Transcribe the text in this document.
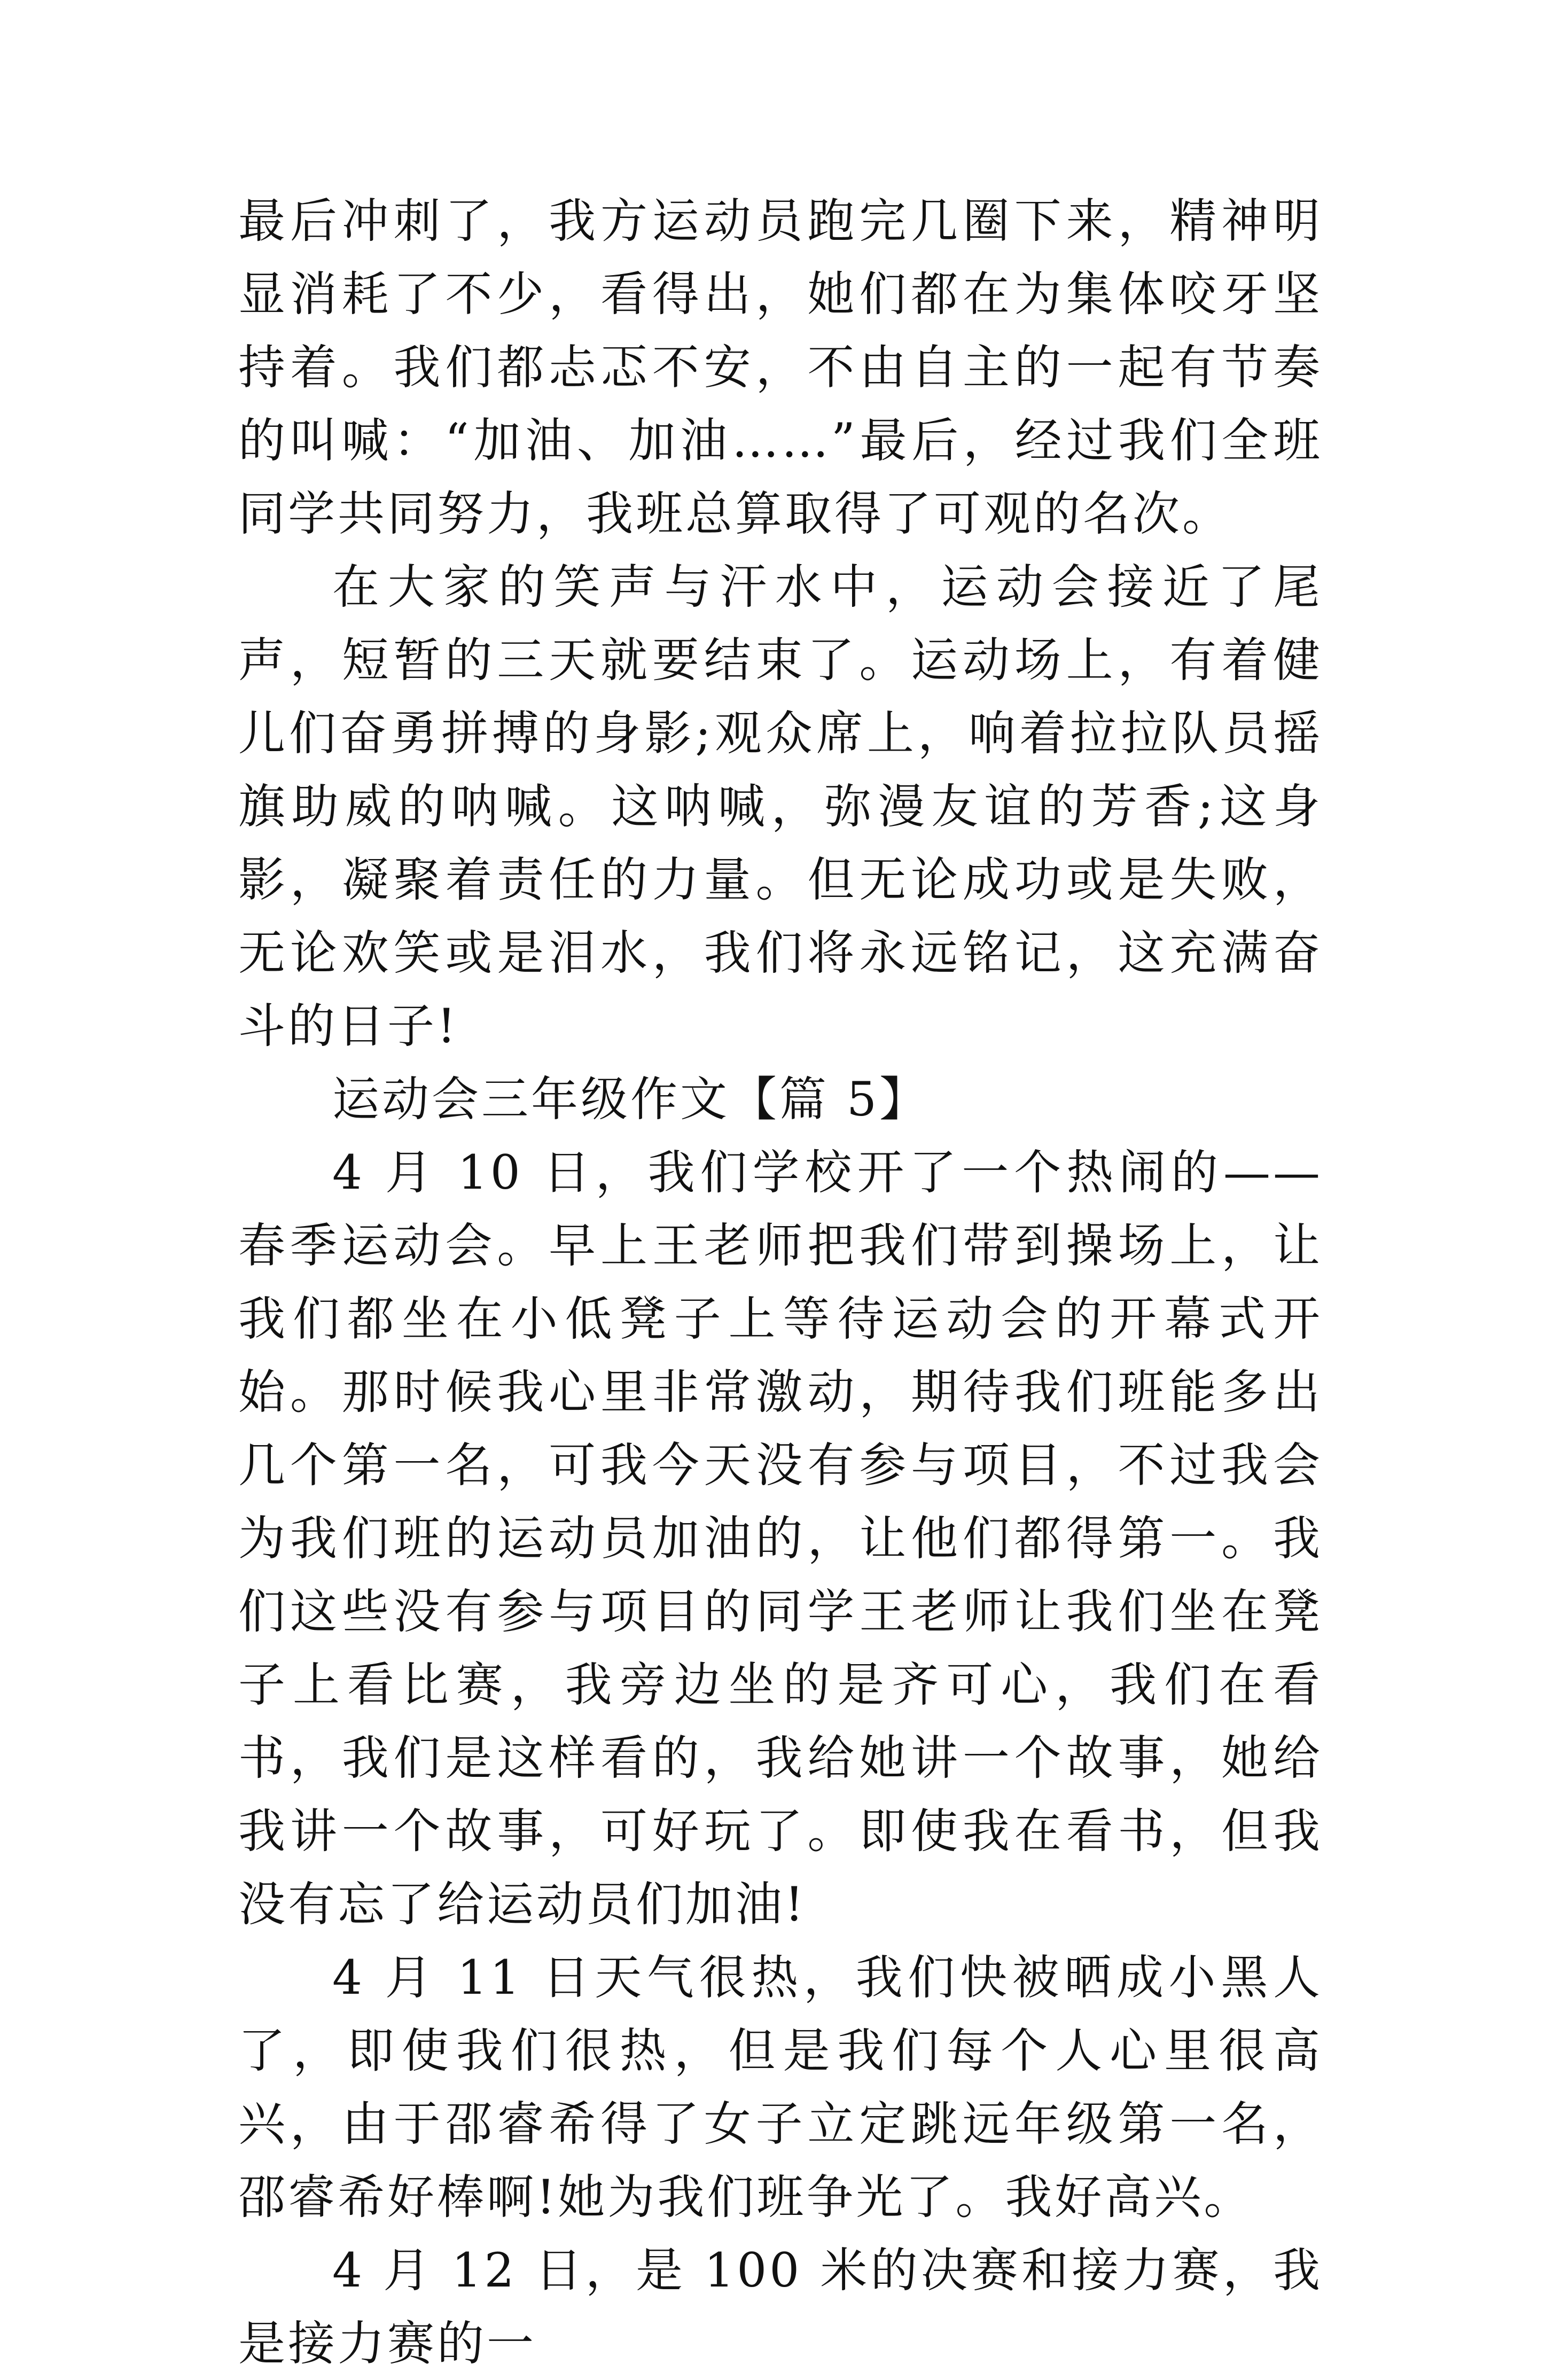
最后冲刺了，我方运动员跑完几圈下来，精神明显消耗了不少，看得出，她们都在为集体咬牙坚持着。我们都忐忑不安，不由自主的一起有节奏的叫喊：“加油、加油……”最后，经过我们全班同学共同努力，我班总算取得了可观的名次。

在大家的笑声与汗水中，运动会接近了尾声，短暂的三天就要结束了。运动场上，有着健儿们奋勇拼搏的身影;观众席上，响着拉拉队员摇旗助威的呐喊。这呐喊，弥漫友谊的芳香;这身影，凝聚着责任的力量。但无论成功或是失败，无论欢笑或是泪水，我们将永远铭记，这充满奋斗的日子!

运动会三年级作文【篇 5】

4 月 10 日，我们学校开了一个热闹的——春季运动会。早上王老师把我们带到操场上，让我们都坐在小低凳子上等待运动会的开幕式开始。那时候我心里非常激动，期待我们班能多出几个第一名，可我今天没有参与项目，不过我会为我们班的运动员加油的，让他们都得第一。我们这些没有参与项目的同学王老师让我们坐在凳子上看比赛，我旁边坐的是齐可心，我们在看书，我们是这样看的，我给她讲一个故事，她给我讲一个故事，可好玩了。即使我在看书，但我没有忘了给运动员们加油!

4 月 11 日天气很热，我们快被晒成小黑人了，即使我们很热，但是我们每个人心里很高兴，由于邵睿希得了女子立定跳远年级第一名，邵睿希好棒啊!她为我们班争光了。我好高兴。

4 月 12 日，是 100 米的决赛和接力赛，我是接力赛的一
